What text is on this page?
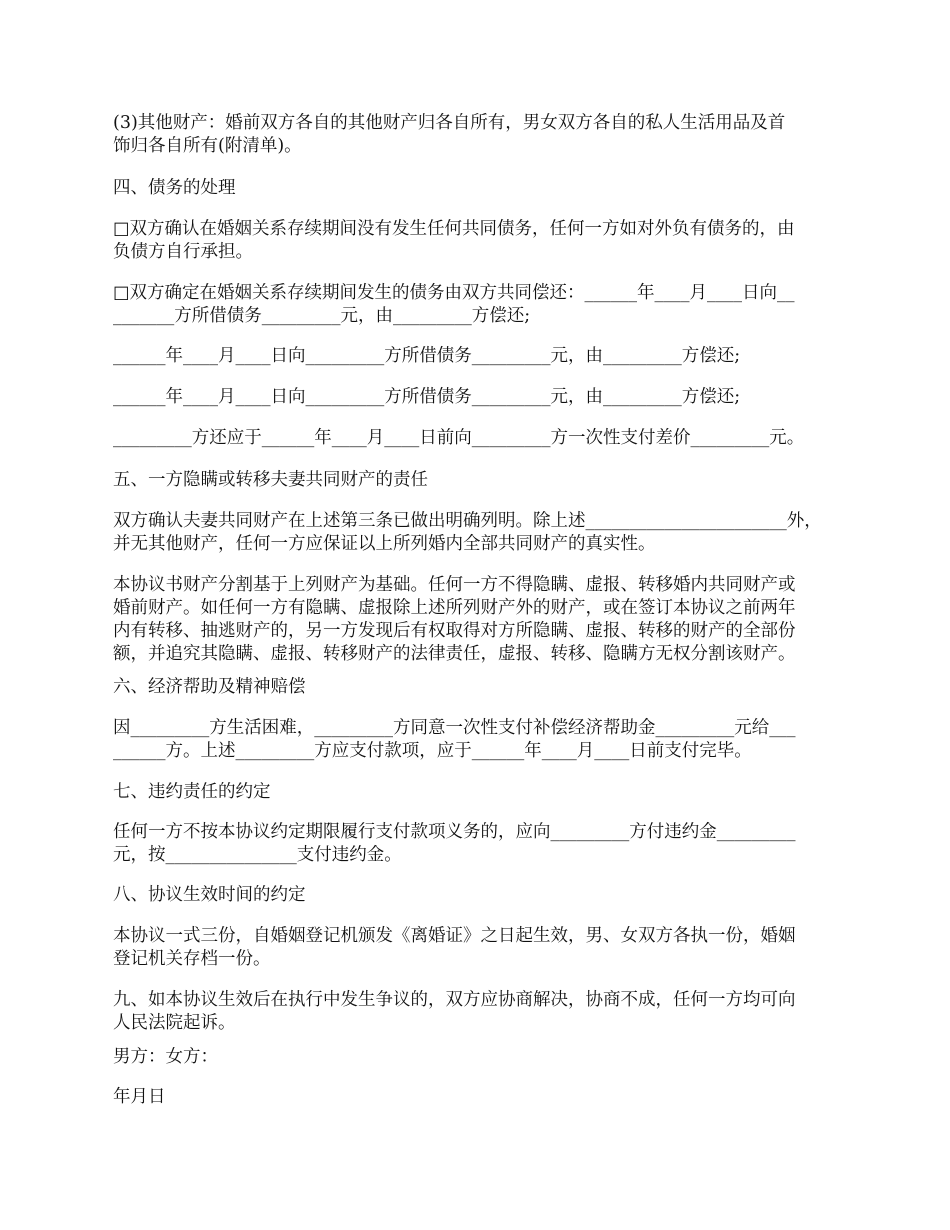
(3)其他财产：婚前双方各自的其他财产归各自所有，男女双方各自的私人生活用品及首
饰归各自所有(附清单)。
四、债务的处理
□双方确认在婚姻关系存续期间没有发生任何共同债务，任何一方如对外负有债务的，由
负债方自行承担。
□双方确定在婚姻关系存续期间发生的债务由双方共同偿还：______年____月____日向__
_______方所借债务_________元，由_________方偿还;
______年____月____日向_________方所借债务_________元，由_________方偿还;
______年____月____日向_________方所借债务_________元，由_________方偿还;
_________方还应于______年____月____日前向_________方一次性支付差价_________元。
五、一方隐瞒或转移夫妻共同财产的责任
双方确认夫妻共同财产在上述第三条已做出明确列明。除上述_______________________外，
并无其他财产，任何一方应保证以上所列婚内全部共同财产的真实性。
本协议书财产分割基于上列财产为基础。任何一方不得隐瞒、虚报、转移婚内共同财产或
婚前财产。如任何一方有隐瞒、虚报除上述所列财产外的财产，或在签订本协议之前两年
内有转移、抽逃财产的，另一方发现后有权取得对方所隐瞒、虚报、转移的财产的全部份
额，并追究其隐瞒、虚报、转移财产的法律责任，虚报、转移、隐瞒方无权分割该财产。
六、经济帮助及精神赔偿
因_________方生活困难，_________方同意一次性支付补偿经济帮助金_________元给___
______方。上述_________方应支付款项，应于______年____月____日前支付完毕。
七、违约责任的约定
任何一方不按本协议约定期限履行支付款项义务的，应向_________方付违约金_________
元，按_______________支付违约金。
八、协议生效时间的约定
本协议一式三份，自婚姻登记机颁发《离婚证》之日起生效，男、女双方各执一份，婚姻
登记机关存档一份。
九、如本协议生效后在执行中发生争议的，双方应协商解决，协商不成，任何一方均可向
人民法院起诉。
男方：女方：
年月日
